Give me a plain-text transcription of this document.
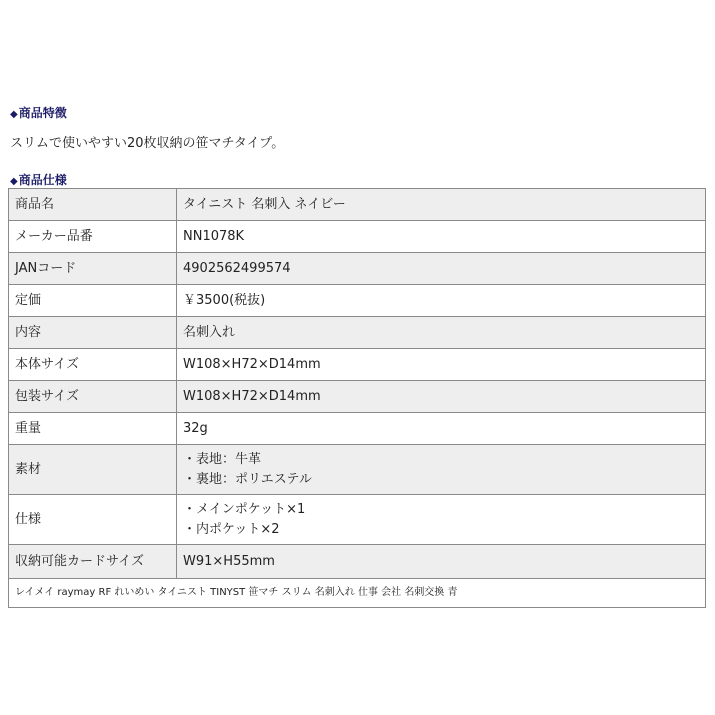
◆商品特徴
スリムで使いやすい20枚収納の笹マチタイプ。
◆商品仕様
商品名	タイニスト 名刺入 ネイビー
メーカー品番	NN1078K
JANコード	4902562499574
定価	￥3500(税抜)
内容	名刺入れ
本体サイズ	W108×H72×D14mm
包装サイズ	W108×H72×D14mm
重量	32g
素材	・表地：牛革
・裏地：ポリエステル

仕様	・メインポケット×1
・内ポケット×2

収納可能カードサイズ	W91×H55mm
レイメイ raymay RF れいめい タイニスト TINYST 笹マチ スリム 名刺入れ 仕事 会社 名刺交換 青	
